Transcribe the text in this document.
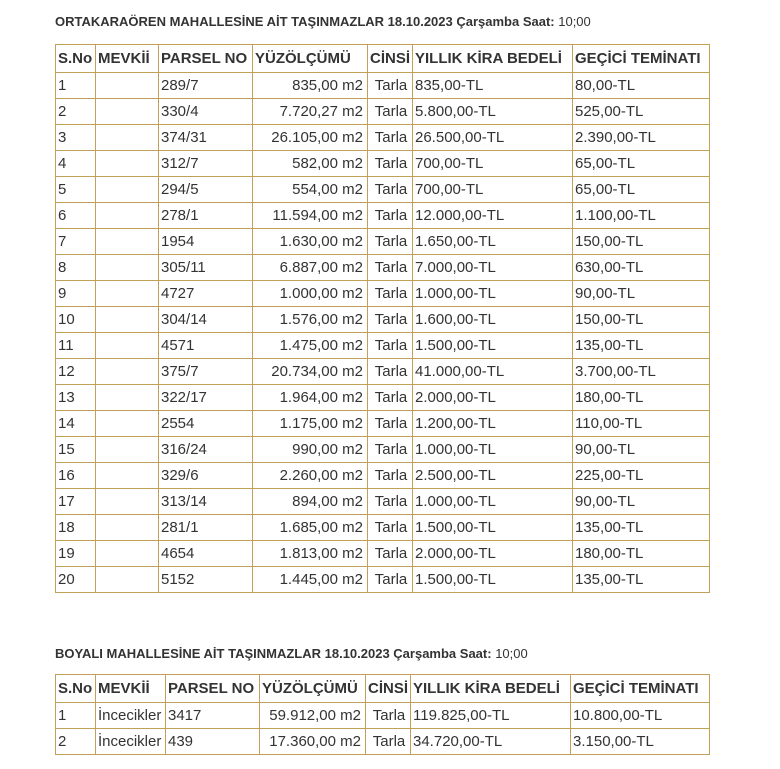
ORTAKARAÖREN MAHALLESİNE AİT TAŞINMAZLAR 18.10.2023 Çarşamba Saat: 10;00
S.No	MEVKİİ	PARSEL NO	YÜZÖLÇÜMÜ	CİNSİ	YILLIK KİRA BEDELİ	GEÇİCİ TEMİNATI
1		289/7	835,00 m2	Tarla	835,00-TL	80,00-TL
2		330/4	7.720,27 m2	Tarla	5.800,00-TL	525,00-TL
3		374/31	26.105,00 m2	Tarla	26.500,00-TL	2.390,00-TL
4		312/7	582,00 m2	Tarla	700,00-TL	65,00-TL
5		294/5	554,00 m2	Tarla	700,00-TL	65,00-TL
6		278/1	11.594,00 m2	Tarla	12.000,00-TL	1.100,00-TL
7		1954	1.630,00 m2	Tarla	1.650,00-TL	150,00-TL
8		305/11	6.887,00 m2	Tarla	7.000,00-TL	630,00-TL
9		4727	1.000,00 m2	Tarla	1.000,00-TL	90,00-TL
10		304/14	1.576,00 m2	Tarla	1.600,00-TL	150,00-TL
11		4571	1.475,00 m2	Tarla	1.500,00-TL	135,00-TL
12		375/7	20.734,00 m2	Tarla	41.000,00-TL	3.700,00-TL
13		322/17	1.964,00 m2	Tarla	2.000,00-TL	180,00-TL
14		2554	1.175,00 m2	Tarla	1.200,00-TL	110,00-TL
15		316/24	990,00 m2	Tarla	1.000,00-TL	90,00-TL
16		329/6	2.260,00 m2	Tarla	2.500,00-TL	225,00-TL
17		313/14	894,00 m2	Tarla	1.000,00-TL	90,00-TL
18		281/1	1.685,00 m2	Tarla	1.500,00-TL	135,00-TL
19		4654	1.813,00 m2	Tarla	2.000,00-TL	180,00-TL
20		5152	1.445,00 m2	Tarla	1.500,00-TL	135,00-TL
BOYALI MAHALLESİNE AİT TAŞINMAZLAR 18.10.2023 Çarşamba Saat: 10;00
S.No	MEVKİİ	PARSEL NO	YÜZÖLÇÜMÜ	CİNSİ	YILLIK KİRA BEDELİ	GEÇİCİ TEMİNATI
1	İncecikler	3417	59.912,00 m2	Tarla	119.825,00-TL	10.800,00-TL
2	İncecikler	439	17.360,00 m2	Tarla	34.720,00-TL	3.150,00-TL
